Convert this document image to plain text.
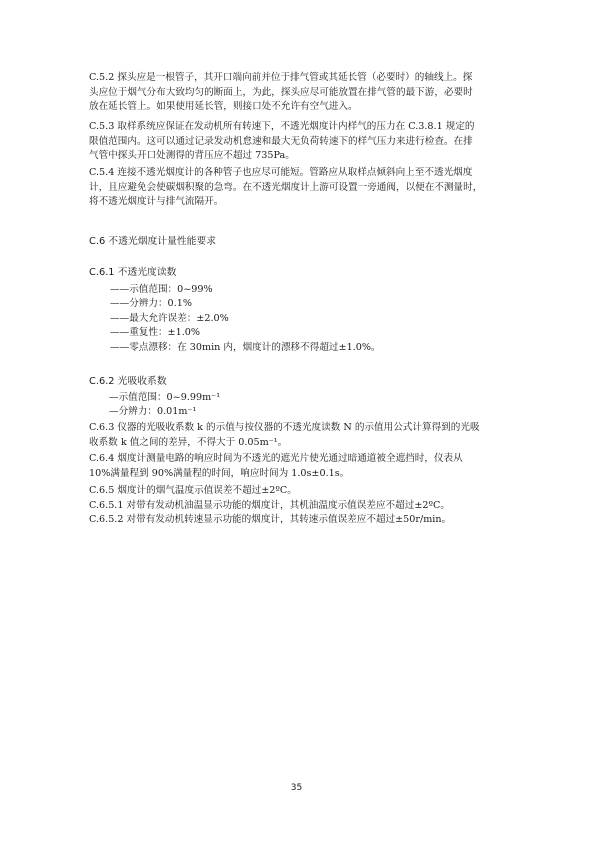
C.5.2 探头应是一根管子，其开口端向前并位于排气管或其延长管（必要时）的轴线上。探

头应位于烟气分布大致均匀的断面上，为此，探头应尽可能放置在排气管的最下游，必要时

放在延长管上。如果使用延长管，则接口处不允许有空气进入。

C.5.3 取样系统应保证在发动机所有转速下，不透光烟度计内样气的压力在 C.3.8.1 规定的

限值范围内。这可以通过记录发动机怠速和最大无负荷转速下的样气压力来进行检查。在排

气管中探头开口处测得的背压应不超过 735Pa。

C.5.4 连接不透光烟度计的各种管子也应尽可能短。管路应从取样点倾斜向上至不透光烟度

计，且应避免会使碳烟积聚的急弯。在不透光烟度计上游可设置一旁通阀，以便在不测量时，

将不透光烟度计与排气流隔开。

C.6 不透光烟度计量性能要求
C.6.1 不透光度读数
——示值范围：0~99%
——分辨力：0.1%
——最大允许误差：±2.0%
——重复性：±1.0%
——零点漂移：在 30min 内，烟度计的漂移不得超过±1.0%。
C.6.2 光吸收系数
—示值范围：0~9.99m⁻¹
—分辨力：0.01m⁻¹

C.6.3 仪器的光吸收系数 k 的示值与按仪器的不透光度读数 N 的示值用公式计算得到的光吸

收系数 k 值之间的差异，不得大于 0.05m⁻¹。

C.6.4 烟度计测量电路的响应时间为不透光的遮光片使光通过暗通道被全遮挡时，仪表从

10%满量程到 90%满量程的时间，响应时间为 1.0s±0.1s。

C.6.5 烟度计的烟气温度示值误差不超过±2ºC。

C.6.5.1 对带有发动机油温显示功能的烟度计，其机油温度示值误差应不超过±2ºC。

C.6.5.2 对带有发动机转速显示功能的烟度计，其转速示值误差应不超过±50r/min。

35
